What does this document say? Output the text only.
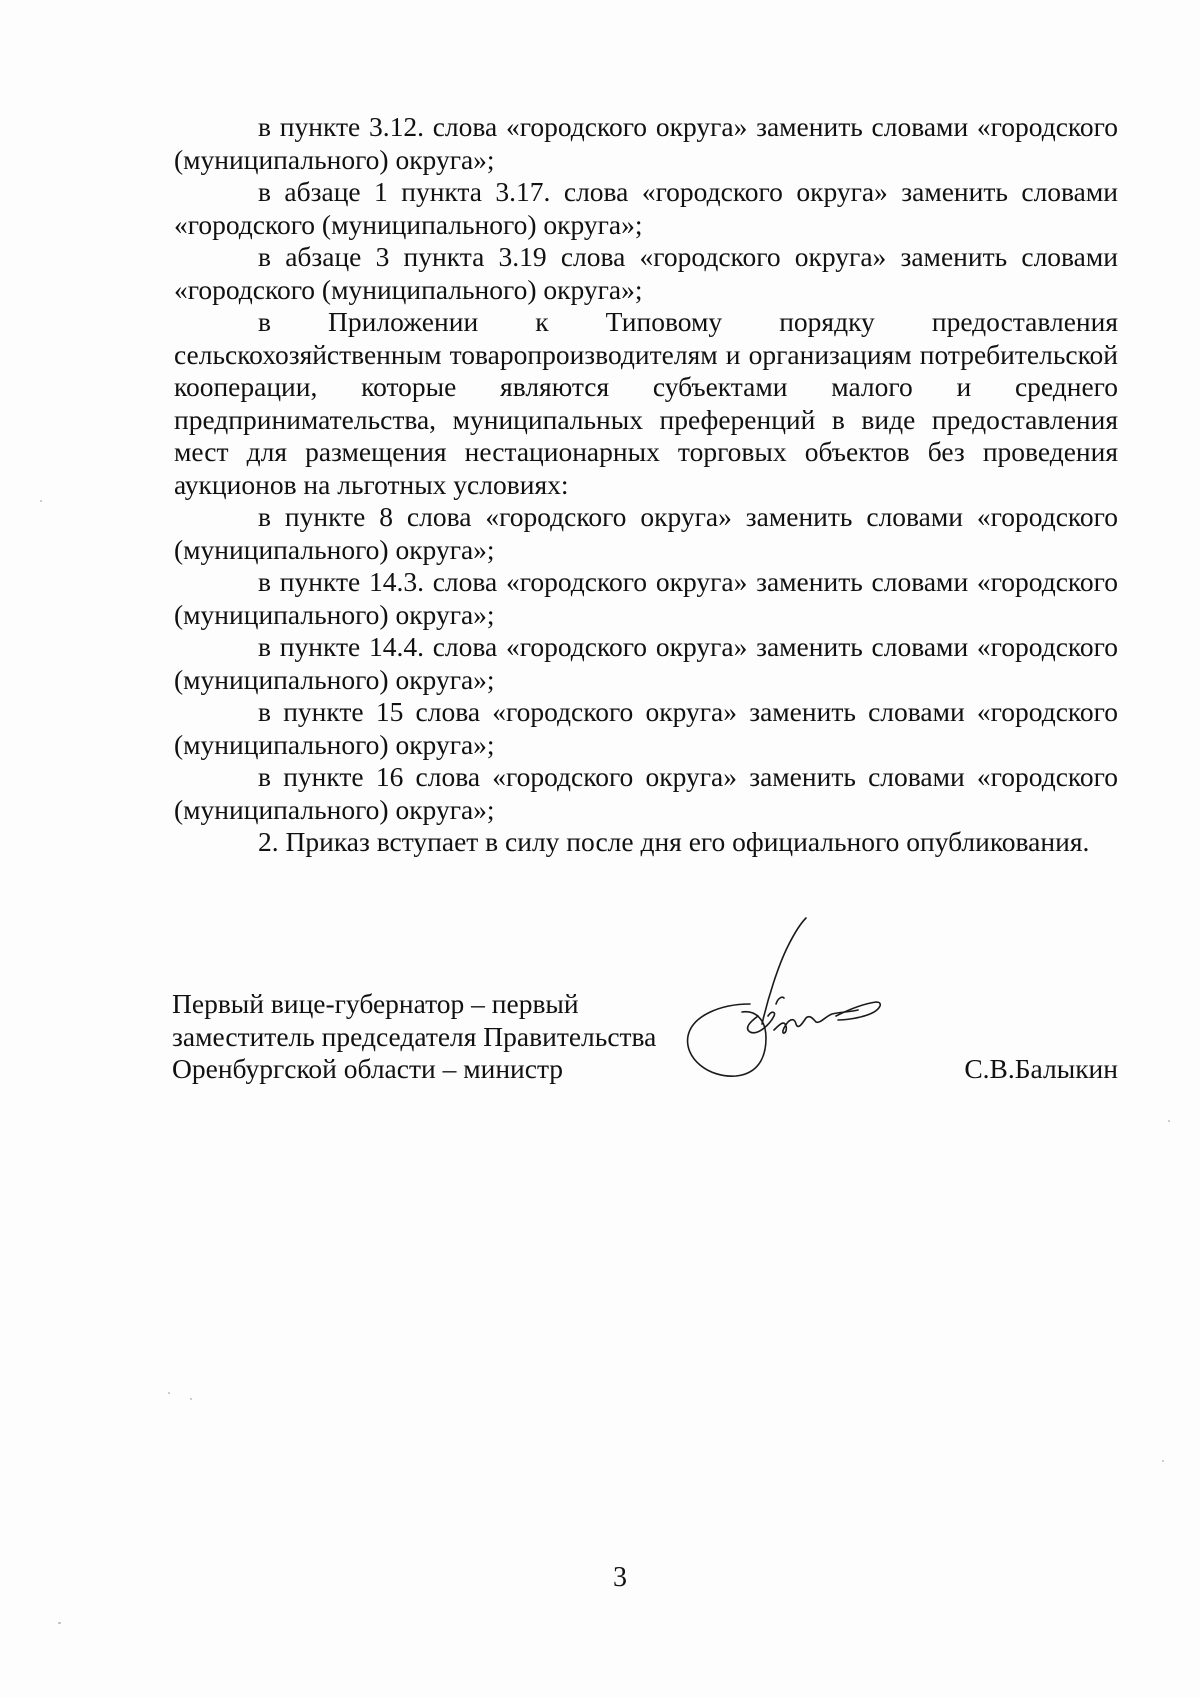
в пункте 3.12. слова «городского округа» заменить словами «городского (муниципального) округа»;

в абзаце 1 пункта 3.17. слова «городского округа» заменить словами «городского (муниципального) округа»;

в абзаце 3 пункта 3.19 слова «городского округа» заменить словами «городского (муниципального) округа»;

в Приложении к Типовому порядку предоставления сельскохозяйственным товаропроизводителям и организациям потребительской кооперации, которые являются субъектами малого и среднего предпринимательства, муниципальных преференций в виде предоставления мест для размещения нестационарных торговых объектов без проведения аукционов на льготных условиях:

в пункте 8 слова «городского округа» заменить словами «городского (муниципального) округа»;

в пункте 14.3. слова «городского округа» заменить словами «городского (муниципального) округа»;

в пункте 14.4. слова «городского округа» заменить словами «городского (муниципального) округа»;

в пункте 15 слова «городского округа» заменить словами «городского (муниципального) округа»;

в пункте 16 слова «городского округа» заменить словами «городского (муниципального) округа»;

2. Приказ вступает в силу после дня его официального опубликования.

Первый вице-губернатор – первый
заместитель председателя Правительства
Оренбургской области – министр	С.В.Балыкин
3
